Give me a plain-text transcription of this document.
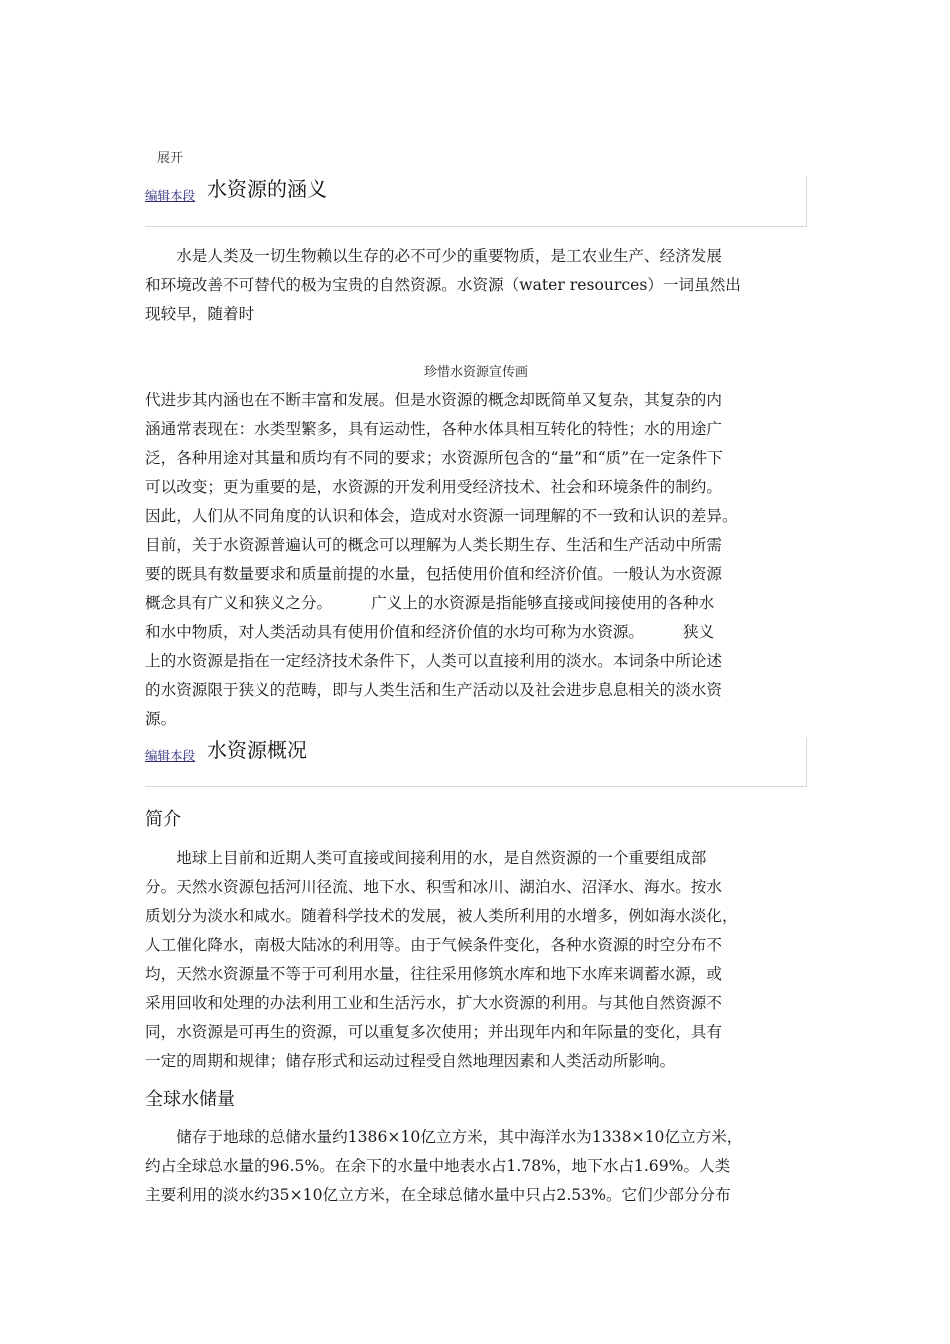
展开
编辑本段 水资源的涵义
　　水是人类及一切生物赖以生存的必不可少的重要物质，是工农业生产、经济发展
和环境改善不可替代的极为宝贵的自然资源。水资源（water resources）一词虽然出
现较早，随着时
珍惜水资源宣传画
代进步其内涵也在不断丰富和发展。但是水资源的概念却既简单又复杂，其复杂的内
涵通常表现在：水类型繁多，具有运动性，各种水体具相互转化的特性；水的用途广
泛，各种用途对其量和质均有不同的要求；水资源所包含的“量”和“质”在一定条件下
可以改变；更为重要的是，水资源的开发利用受经济技术、社会和环境条件的制约。
因此，人们从不同角度的认识和体会，造成对水资源一词理解的不一致和认识的差异。
目前，关于水资源普遍认可的概念可以理解为人类长期生存、生活和生产活动中所需
要的既具有数量要求和质量前提的水量，包括使用价值和经济价值。一般认为水资源
概念具有广义和狭义之分。　　　广义上的水资源是指能够直接或间接使用的各种水
和水中物质，对人类活动具有使用价值和经济价值的水均可称为水资源。　　　狭义
上的水资源是指在一定经济技术条件下，人类可以直接利用的淡水。本词条中所论述
的水资源限于狭义的范畴，即与人类生活和生产活动以及社会进步息息相关的淡水资
源。
编辑本段 水资源概况
简介
　　地球上目前和近期人类可直接或间接利用的水，是自然资源的一个重要组成部
分。天然水资源包括河川径流、地下水、积雪和冰川、湖泊水、沼泽水、海水。按水
质划分为淡水和咸水。随着科学技术的发展，被人类所利用的水增多，例如海水淡化，
人工催化降水，南极大陆冰的利用等。由于气候条件变化，各种水资源的时空分布不
均，天然水资源量不等于可利用水量，往往采用修筑水库和地下水库来调蓄水源，或
采用回收和处理的办法利用工业和生活污水，扩大水资源的利用。与其他自然资源不
同，水资源是可再生的资源，可以重复多次使用；并出现年内和年际量的变化，具有
一定的周期和规律；储存形式和运动过程受自然地理因素和人类活动所影响。
全球水储量
　　储存于地球的总储水量约1386×10亿立方米，其中海洋水为1338×10亿立方米，
约占全球总水量的96.5%。在余下的水量中地表水占1.78%，地下水占1.69%。人类
主要利用的淡水约35×10亿立方米，在全球总储水量中只占2.53%。它们少部分分布
